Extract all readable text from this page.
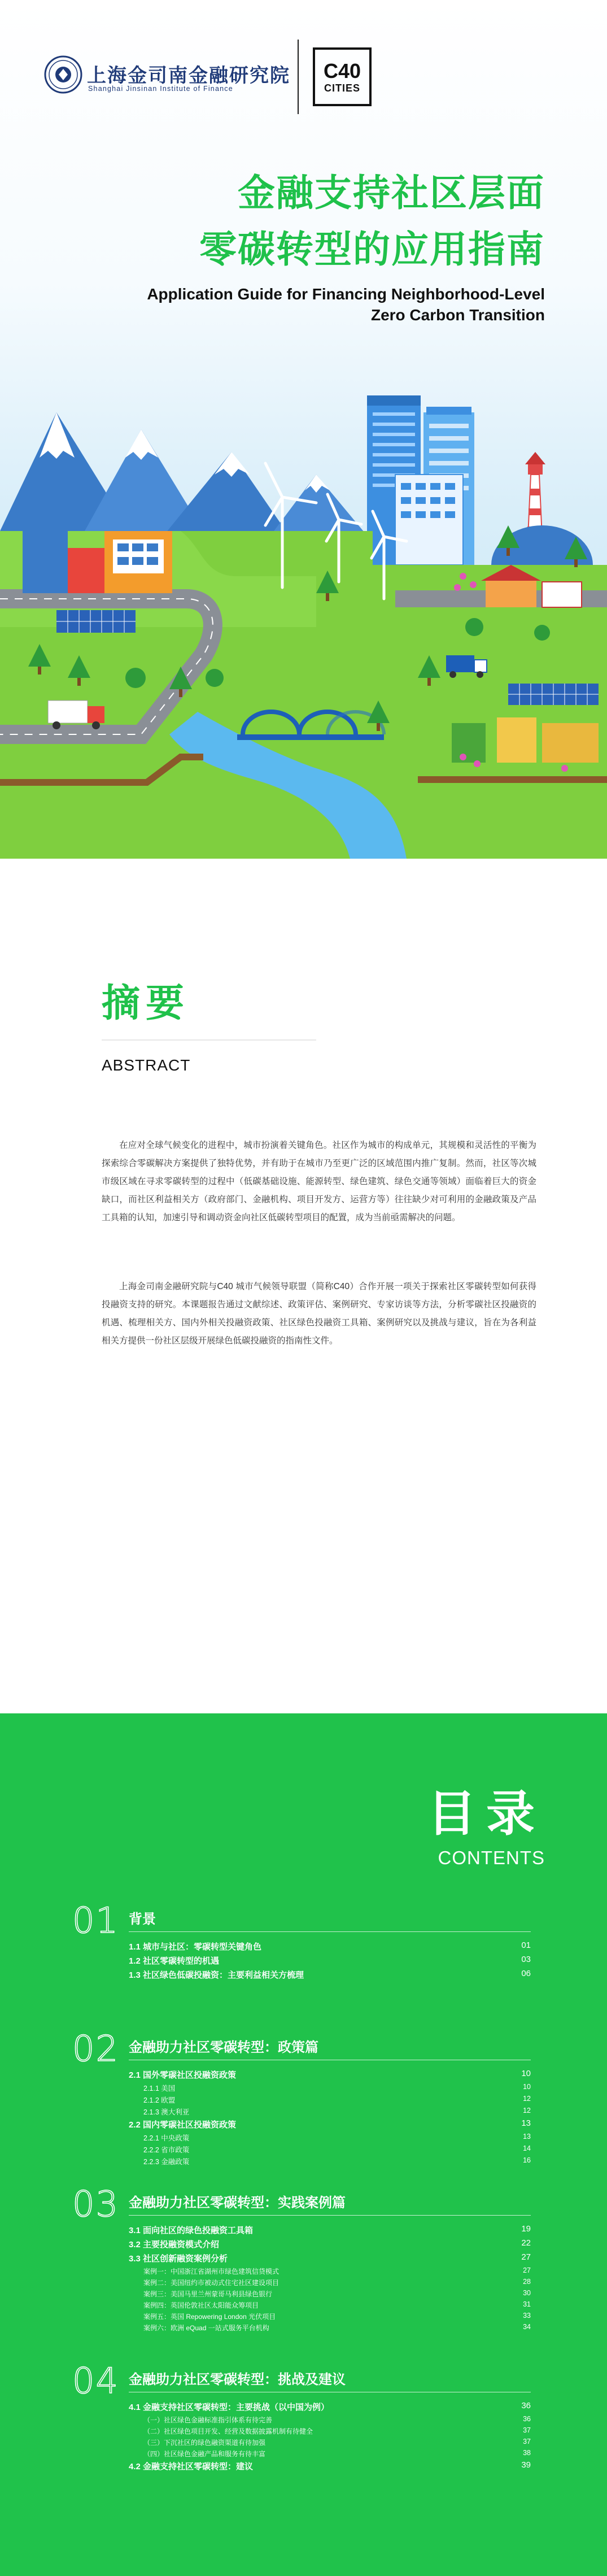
上海金司南金融研究院
Shanghai Jinsinan Institute of Finance
C40
CITIES
金融支持社区层面
零碳转型的应用指南
Application Guide for Financing Neighborhood-Level
Zero Carbon Transition
摘要
ABSTRACT

在应对全球气候变化的进程中，城市扮演着关键角色。社区作为城市的构成单元，其规模和灵活性的平衡为探索综合零碳解决方案提供了独特优势，并有助于在城市乃至更广泛的区域范围内推广复制。然而，社区等次城市级区域在寻求零碳转型的过程中（低碳基础设施、能源转型、绿色建筑、绿色交通等领域）面临着巨大的资金缺口，而社区利益相关方（政府部门、金融机构、项目开发方、运营方等）往往缺少对可利用的金融政策及产品工具箱的认知，加速引导和调动资金向社区低碳转型项目的配置，成为当前亟需解决的问题。

上海金司南金融研究院与C40 城市气候领导联盟（简称C40）合作开展一项关于探索社区零碳转型如何获得投融资支持的研究。本课题报告通过文献综述、政策评估、案例研究、专家访谈等方法，分析零碳社区投融资的机遇、梳理相关方、国内外相关投融资政策、社区绿色投融资工具箱、案例研究以及挑战与建议，旨在为各利益相关方提供一份社区层级开展绿色低碳投融资的指南性文件。

目录
CONTENTS
01 背景
1.1 城市与社区：零碳转型关键角色	01
1.2 社区零碳转型的机遇	03
1.3 社区绿色低碳投融资：主要利益相关方梳理	06
02 金融助力社区零碳转型：政策篇
2.1 国外零碳社区投融资政策	10
2.1.1 美国	10
2.1.2 欧盟	12
2.1.3 澳大利亚	12
2.2 国内零碳社区投融资政策	13
2.2.1 中央政策	13
2.2.2 省市政策	14
2.2.3 金融政策	16
03 金融助力社区零碳转型：实践案例篇
3.1 面向社区的绿色投融资工具箱	19
3.2 主要投融资模式介绍	22
3.3 社区创新融资案例分析	27
案例一：中国浙江省湖州市绿色建筑信贷模式	27
案例二：美国纽约市被动式住宅社区建设项目	28
案例三：美国马里兰州蒙哥马利县绿色银行	30
案例四：英国伦敦社区太阳能众筹项目	31
案例五：英国 Repowering London 光伏项目	33
案例六：欧洲 eQuad 一站式服务平台机构	34
04 金融助力社区零碳转型：挑战及建议
4.1 金融支持社区零碳转型：主要挑战（以中国为例）	36
（一）社区绿色金融标准指引体系有待完善	36
（二）社区绿色项目开发、经营及数据披露机制有待健全	37
（三）下沉社区的绿色融资渠道有待加强	37
（四）社区绿色金融产品和服务有待丰富	38
4.2 金融支持社区零碳转型：建议	39
